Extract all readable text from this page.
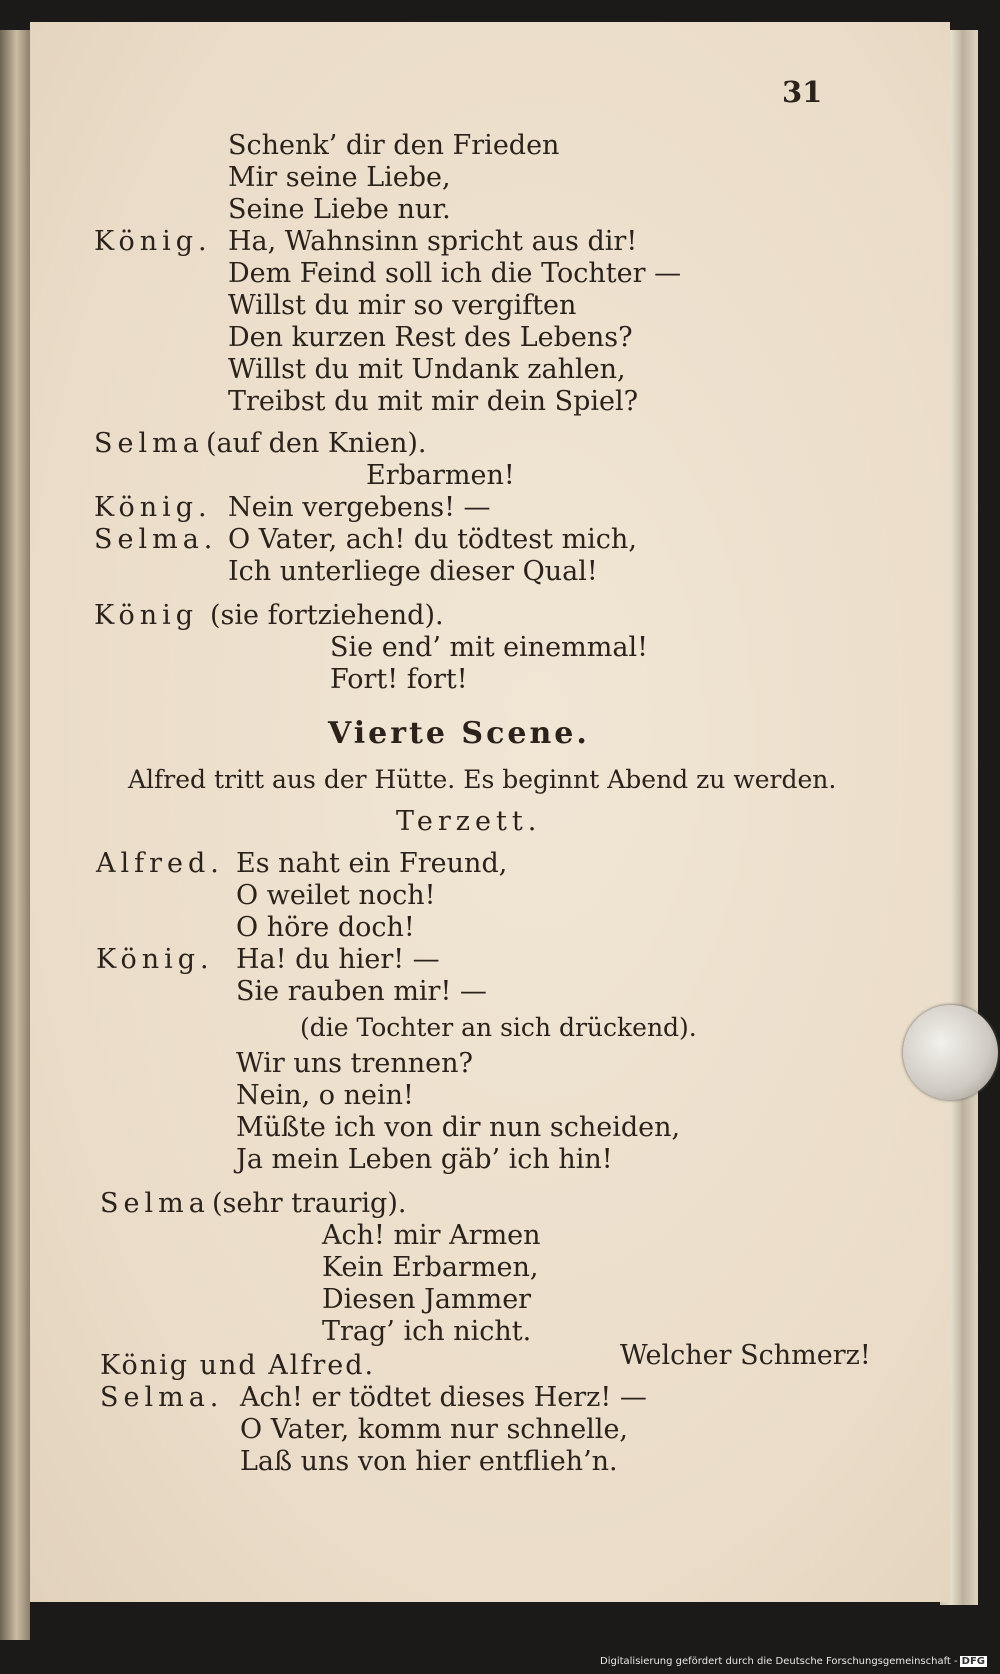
31
Schenk’ dir den Frieden
Mir seine Liebe,
Seine Liebe nur.
König. Ha, Wahnsinn spricht aus dir!
Dem Feind soll ich die Tochter —
Willst du mir so vergiften
Den kurzen Rest des Lebens?
Willst du mit Undank zahlen,
Treibst du mit mir dein Spiel?
Selma (auf den Knien).
Erbarmen!
König. Nein vergebens! —
Selma. O Vater, ach! du tödtest mich,
Ich unterliege dieser Qual!
König (sie fortziehend).
Sie end’ mit einemmal!
Fort! fort!
Vierte Scene.
Alfred tritt aus der Hütte. Es beginnt Abend zu werden.
Terzett.
Alfred. Es naht ein Freund,
O weilet noch!
O höre doch!
König. Ha! du hier! —
Sie rauben mir! —
(die Tochter an sich drückend).
Wir uns trennen?
Nein, o nein!
Müßte ich von dir nun scheiden,
Ja mein Leben gäb’ ich hin!
Selma (sehr traurig).
Ach! mir Armen
Kein Erbarmen,
Diesen Jammer
Trag’ ich nicht.
König und Alfred.	Welcher Schmerz!
Selma. Ach! er tödtet dieses Herz! —
O Vater, komm nur schnelle,
Laß uns von hier entflieh’n.
Digitalisierung gefördert durch die Deutsche Forschungsgemeinschaft - DFG
